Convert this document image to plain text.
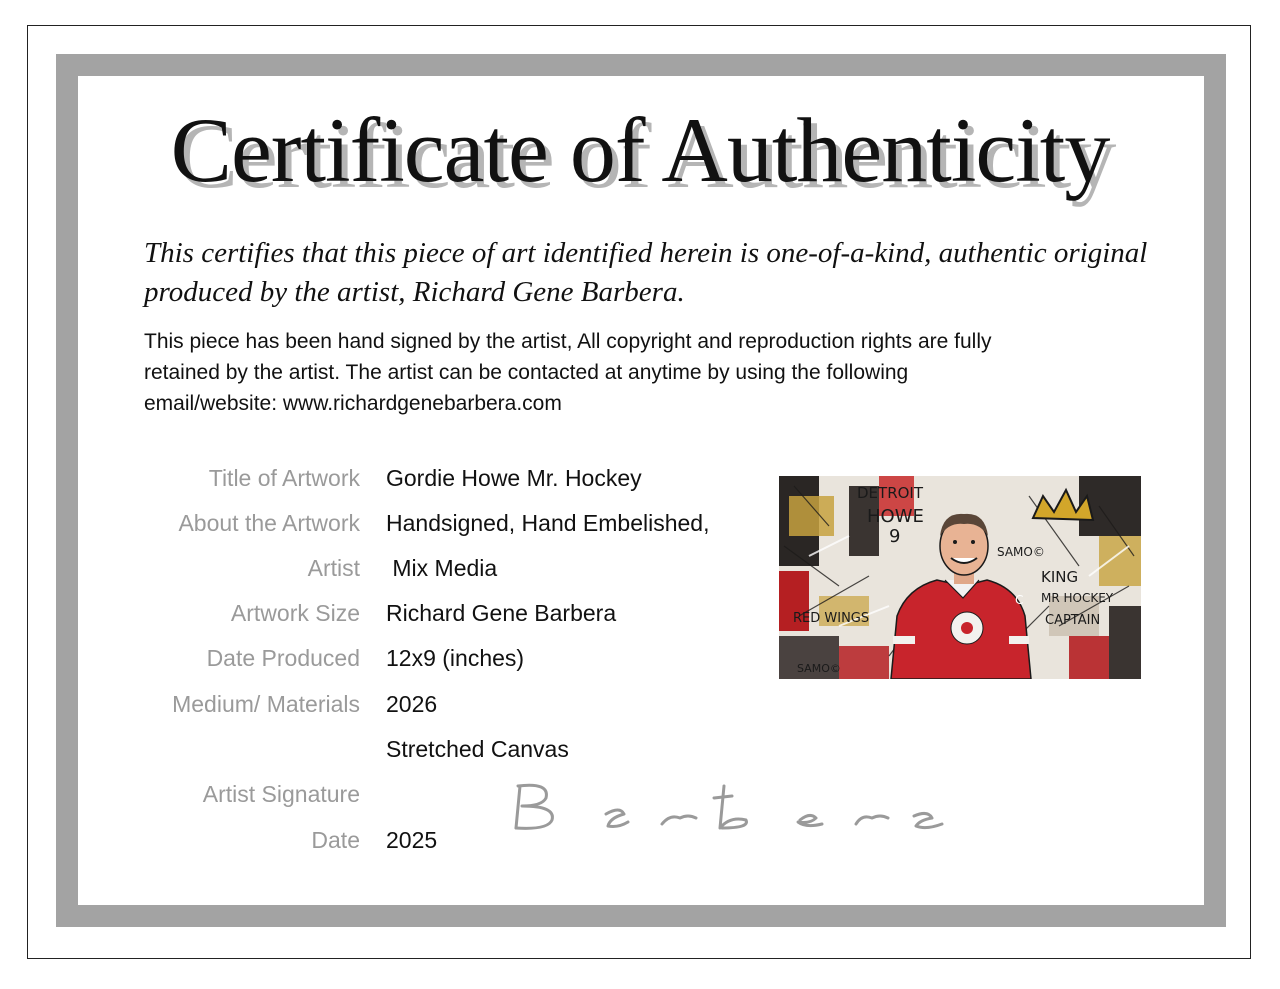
Certificate of Authenticity
This certifies that this piece of art identified herein is one-of-a-kind, authentic original produced by the artist, Richard Gene Barbera.
This piece has been hand signed by the artist, All copyright and reproduction rights are fully
retained by the artist. The artist can be contacted at anytime by using the following
email/website: www.richardgenebarbera.com
Title of Artwork
About the Artwork
Artist
Artwork Size
Date Produced
Medium/ Materials
Artist Signature
Date
Gordie Howe Mr. Hockey
Handsigned, Hand Embelished,
Mix Media
Richard Gene Barbera
12x9 (inches)
2026
Stretched Canvas
2025
DETROIT
HOWE
9
SAMO©
KING
MR HOCKEY
CAPTAIN
RED WINGS
SAMO©
C
